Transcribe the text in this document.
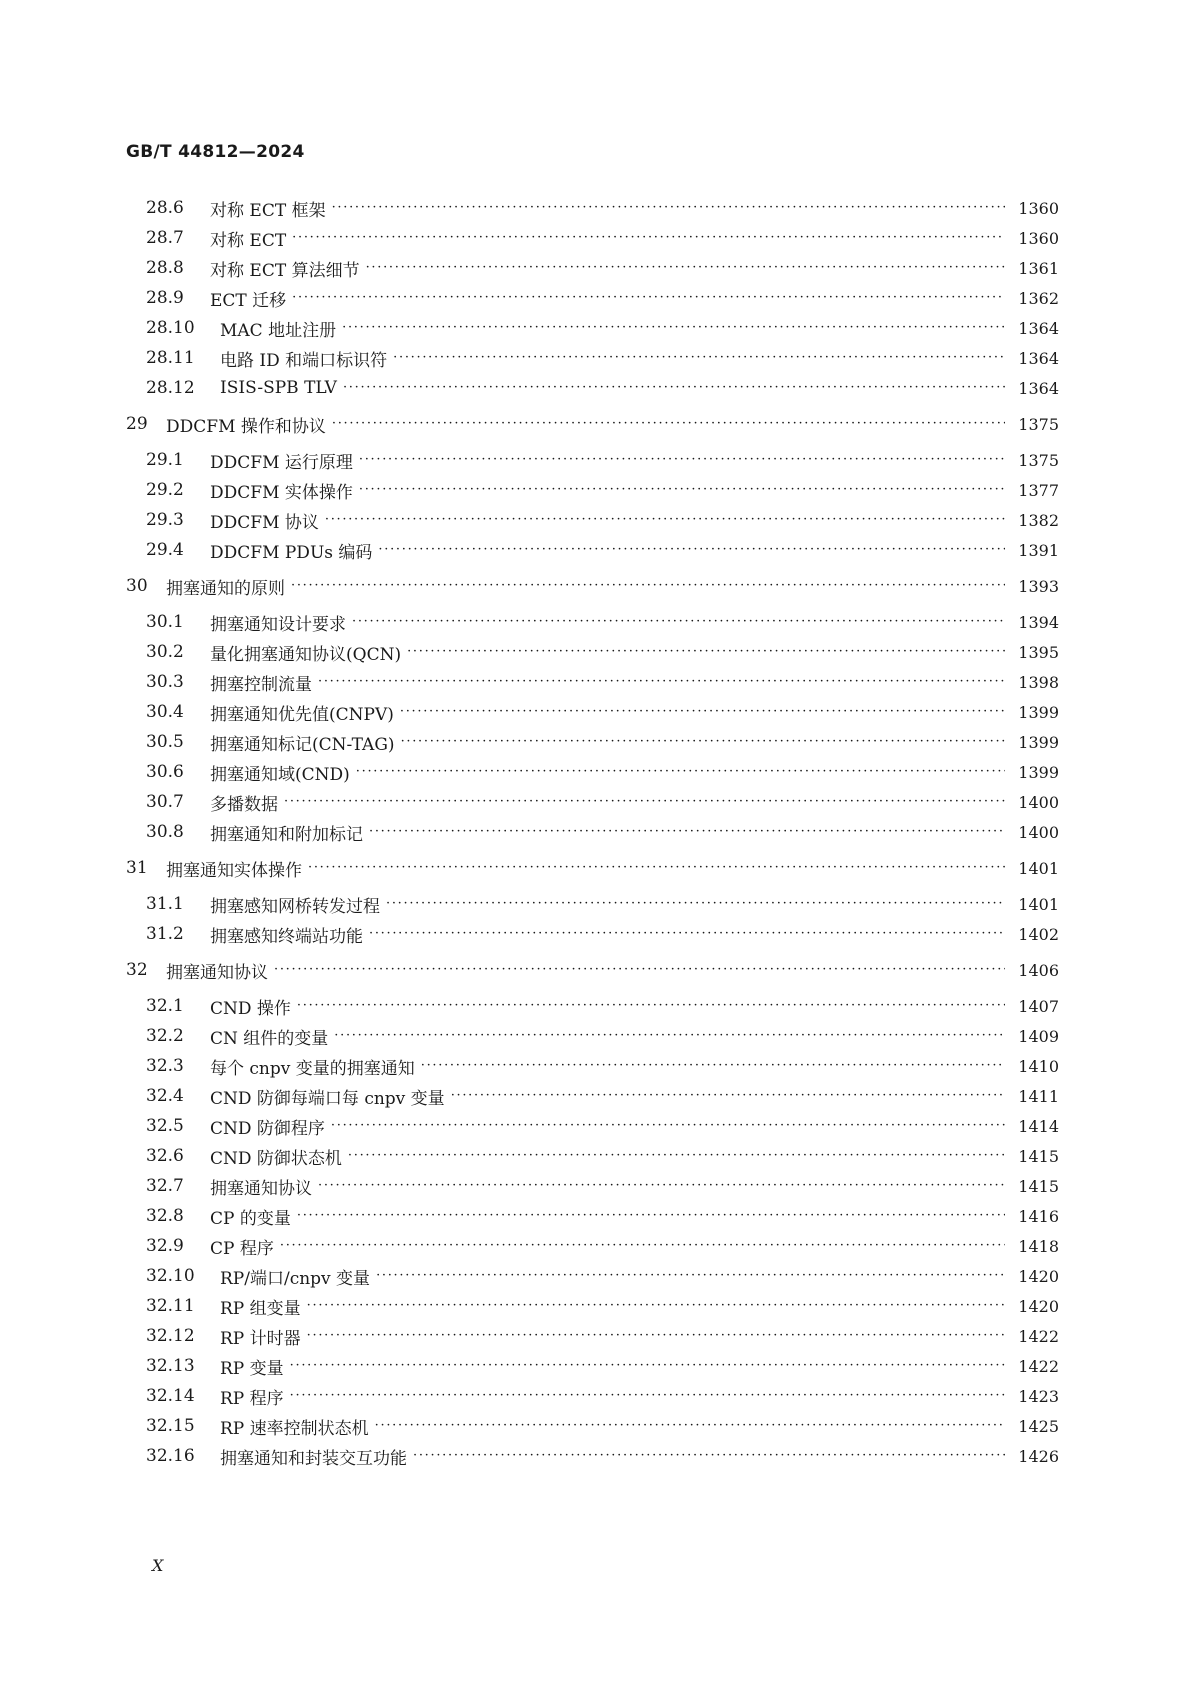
GB/T 44812—2024
28.6	对称 ECT 框架 ·····	1360
28.7	对称 ECT ·····	1360
28.8	对称 ECT 算法细节 ·····	1361
28.9	ECT 迁移 ·····	1362
28.10	MAC 地址注册 ·····	1364
28.11	电路 ID 和端口标识符 ·····	1364
28.12	ISIS-SPB TLV ·····	1364
29	DDCFM 操作和协议 ·····	1375
29.1	DDCFM 运行原理 ·····	1375
29.2	DDCFM 实体操作 ·····	1377
29.3	DDCFM 协议 ·····	1382
29.4	DDCFM PDUs 编码 ·····	1391
30	拥塞通知的原则 ·····	1393
30.1	拥塞通知设计要求 ·····	1394
30.2	量化拥塞通知协议(QCN) ·····	1395
30.3	拥塞控制流量 ·····	1398
30.4	拥塞通知优先值(CNPV) ·····	1399
30.5	拥塞通知标记(CN-TAG) ·····	1399
30.6	拥塞通知域(CND) ·····	1399
30.7	多播数据 ·····	1400
30.8	拥塞通知和附加标记 ·····	1400
31	拥塞通知实体操作 ·····	1401
31.1	拥塞感知网桥转发过程 ·····	1401
31.2	拥塞感知终端站功能 ·····	1402
32	拥塞通知协议 ·····	1406
32.1	CND 操作 ·····	1407
32.2	CN 组件的变量 ·····	1409
32.3	每个 cnpv 变量的拥塞通知 ·····	1410
32.4	CND 防御每端口每 cnpv 变量 ·····	1411
32.5	CND 防御程序 ·····	1414
32.6	CND 防御状态机 ·····	1415
32.7	拥塞通知协议 ·····	1415
32.8	CP 的变量 ·····	1416
32.9	CP 程序 ·····	1418
32.10	RP/端口/cnpv 变量 ·····	1420
32.11	RP 组变量 ·····	1420
32.12	RP 计时器 ·····	1422
32.13	RP 变量 ·····	1422
32.14	RP 程序 ·····	1423
32.15	RP 速率控制状态机 ·····	1425
32.16	拥塞通知和封装交互功能 ·····	1426
X
